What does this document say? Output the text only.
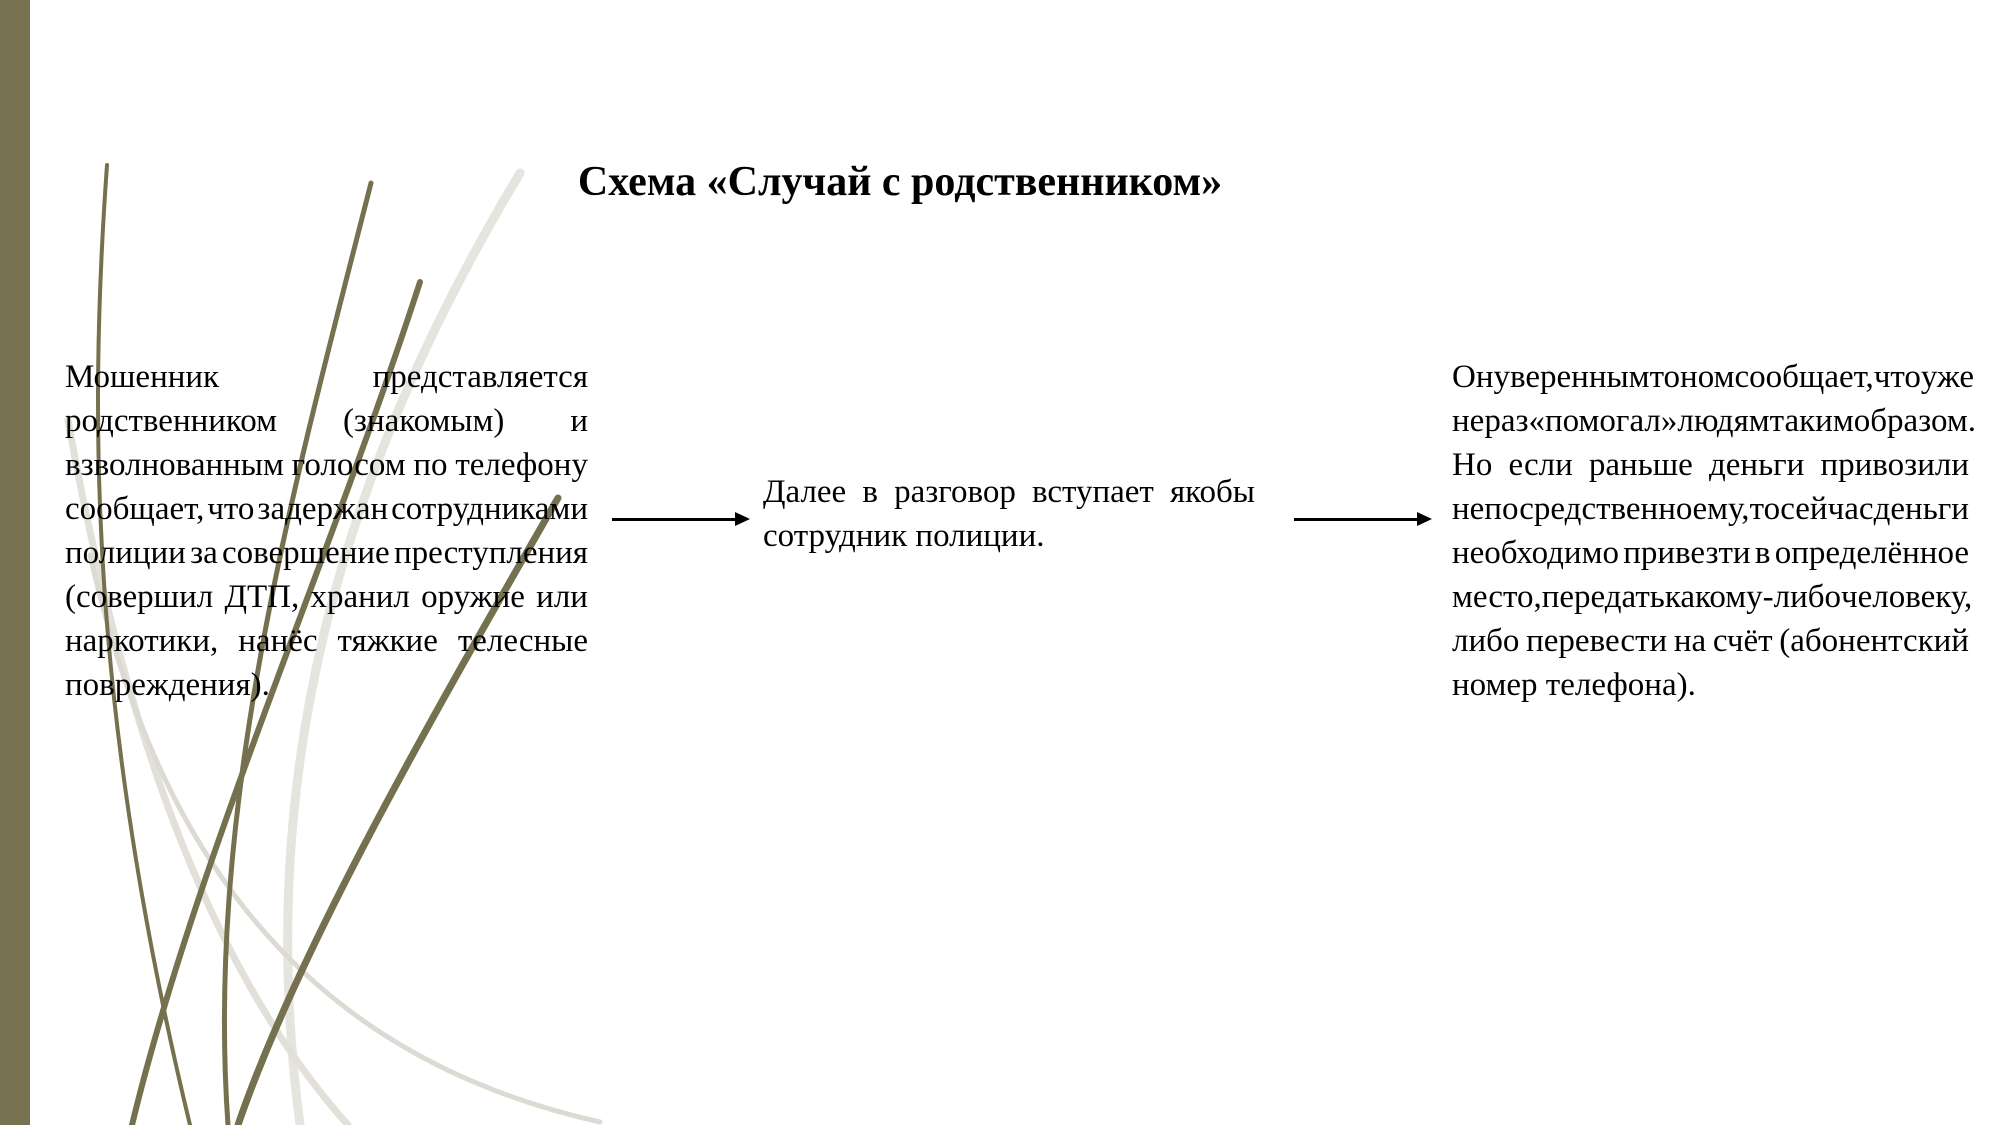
Схема «Случай с родственником»
Мошенник	представляется
родственником (знакомым) и
взволнованным голосом по телефону
сообщает, что задержан сотрудниками
полиции за совершение преступления
(совершил ДТП, хранил оружие или
наркотики, нанёс тяжкие телесные
повреждения).
Далее в разговор вступает якобы
сотрудник полиции.
Он уверенным тоном сообщает, что уже
не раз «помогал» людям таким образом.
Но если раньше деньги привозили
непосредственно ему, то сейчас деньги
необходимо привезти в определённое
место, передать какому-либо человеку,
либо перевести на счёт (абонентский
номер телефона).
